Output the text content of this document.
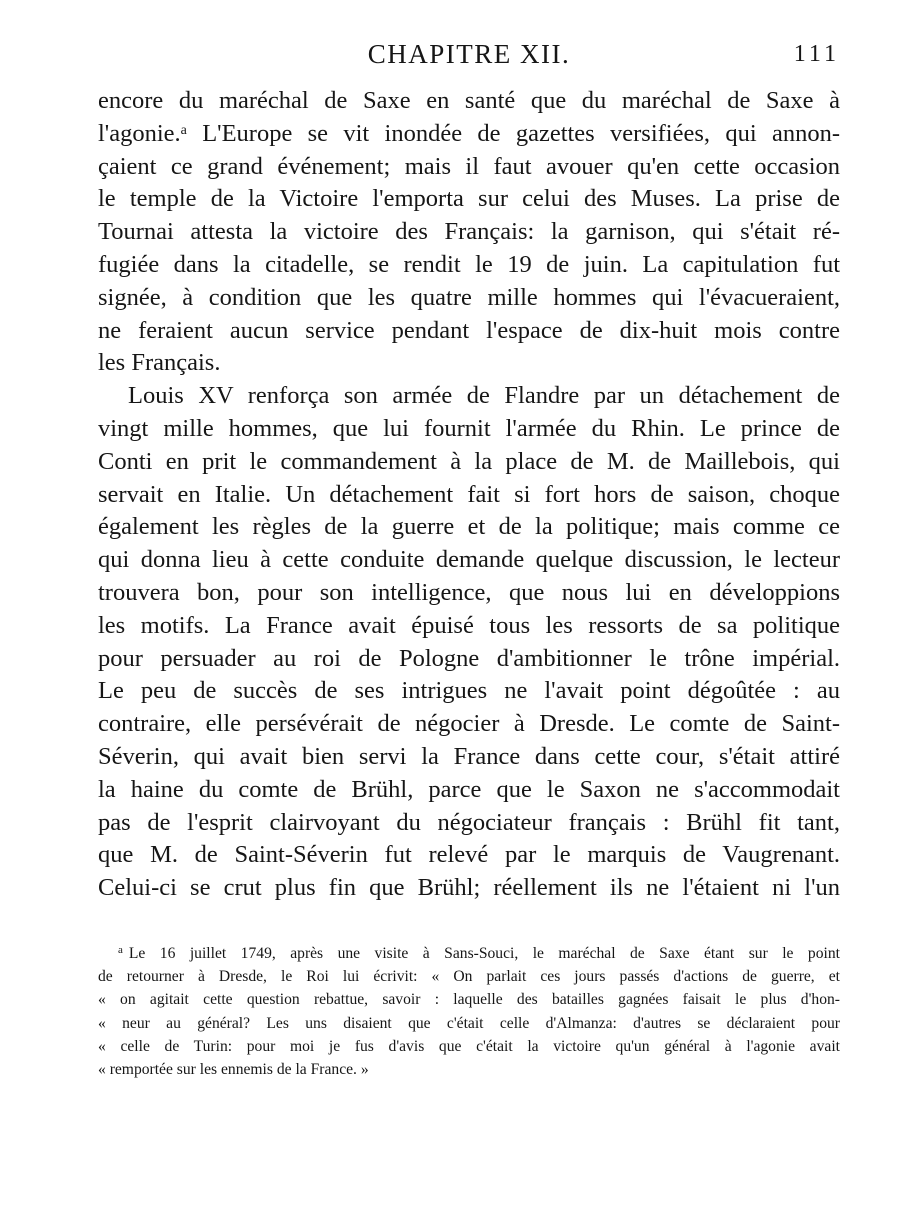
CHAPITRE XII.	111
encore du maréchal de Saxe en santé que du maréchal de Saxe à
l'agonie.$^a$ L'Europe se vit inondée de gazettes versifiées, qui annon-
çaient ce grand événement; mais il faut avouer qu'en cette occasion
le temple de la Victoire l'emporta sur celui des Muses. La prise de
Tournai attesta la victoire des Français: la garnison, qui s'était ré-
fugiée dans la citadelle, se rendit le 19 de juin. La capitulation fut
signée, à condition que les quatre mille hommes qui l'évacueraient,
ne feraient aucun service pendant l'espace de dix-huit mois contre
les Français.
Louis XV renforça son armée de Flandre par un détachement de
vingt mille hommes, que lui fournit l'armée du Rhin. Le prince de
Conti en prit le commandement à la place de M. de Maillebois, qui
servait en Italie. Un détachement fait si fort hors de saison, choque
également les règles de la guerre et de la politique; mais comme ce
qui donna lieu à cette conduite demande quelque discussion, le lecteur
trouvera bon, pour son intelligence, que nous lui en développions
les motifs. La France avait épuisé tous les ressorts de sa politique
pour persuader au roi de Pologne d'ambitionner le trône impérial.
Le peu de succès de ses intrigues ne l'avait point dégoûtée : au
contraire, elle persévérait de négocier à Dresde. Le comte de Saint-
Séverin, qui avait bien servi la France dans cette cour, s'était attiré
la haine du comte de Brühl, parce que le Saxon ne s'accommodait
pas de l'esprit clairvoyant du négociateur français : Brühl fit tant,
que M. de Saint-Séverin fut relevé par le marquis de Vaugrenant.
Celui-ci se crut plus fin que Brühl; réellement ils ne l'étaient ni l'un
$^a$ Le 16 juillet 1749, après une visite à Sans-Souci, le maréchal de Saxe étant sur le point
de retourner à Dresde, le Roi lui écrivit: « On parlait ces jours passés d'actions de guerre, et
« on agitait cette question rebattue, savoir : laquelle des batailles gagnées faisait le plus d'hon-
« neur au général? Les uns disaient que c'était celle d'Almanza: d'autres se déclaraient pour
« celle de Turin: pour moi je fus d'avis que c'était la victoire qu'un général à l'agonie avait
« remportée sur les ennemis de la France. »
